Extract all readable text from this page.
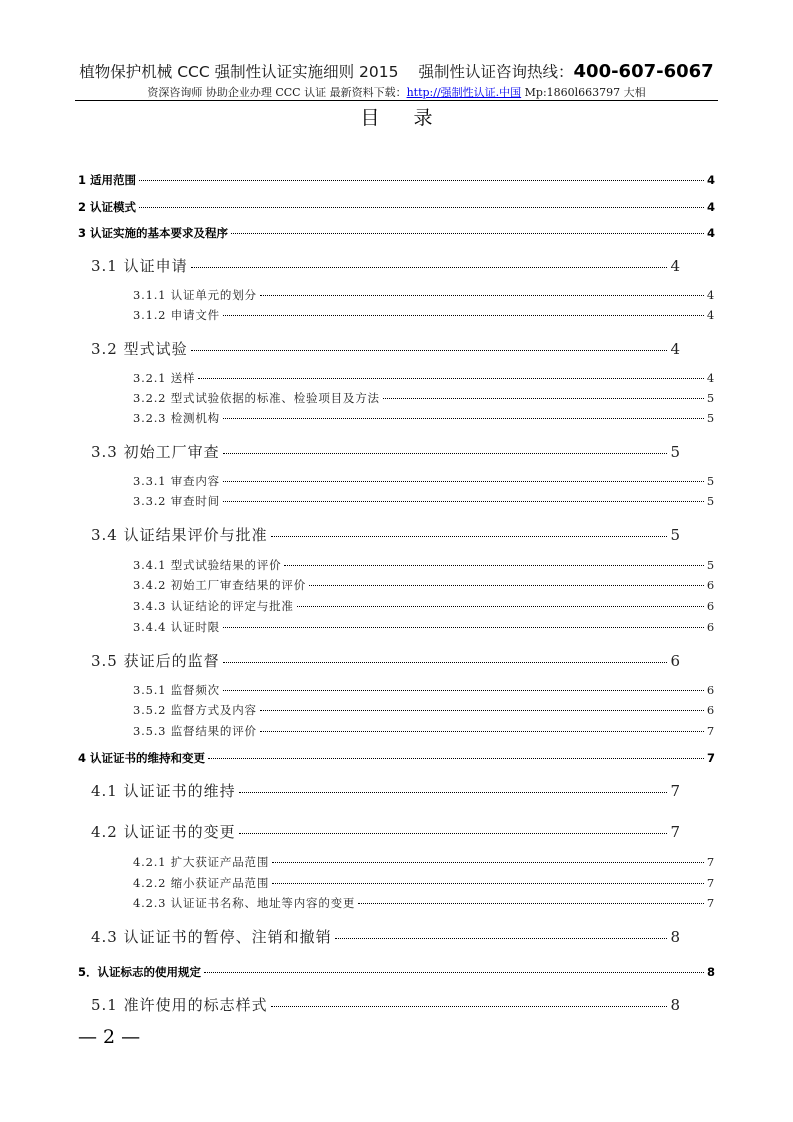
植物保护机械 CCC 强制性认证实施细则 2015 强制性认证咨询热线：400-607-6067
资深咨询师 协助企业办理 CCC 认证 最新资料下载：http://强制性认证.中国 Mp:1860l663797 大相
目录
1 适用范围	4
2 认证模式	4
3 认证实施的基本要求及程序	4
3.1 认证申请	4
3.1.1 认证单元的划分	4
3.1.2 申请文件	4
3.2 型式试验	4
3.2.1 送样	4
3.2.2 型式试验依据的标准、检验项目及方法	5
3.2.3 检测机构	5
3.3 初始工厂审查	5
3.3.1 审查内容	5
3.3.2 审查时间	5
3.4 认证结果评价与批准	5
3.4.1 型式试验结果的评价	5
3.4.2 初始工厂审查结果的评价	6
3.4.3 认证结论的评定与批准	6
3.4.4 认证时限	6
3.5 获证后的监督	6
3.5.1 监督频次	6
3.5.2 监督方式及内容	6
3.5.3 监督结果的评价	7
4 认证证书的维持和变更	7
4.1 认证证书的维持	7
4.2 认证证书的变更	7
4.2.1 扩大获证产品范围	7
4.2.2 缩小获证产品范围	7
4.2.3 认证证书名称、地址等内容的变更	7
4.3 认证证书的暂停、注销和撤销	8
5．认证标志的使用规定	8
5.1 准许使用的标志样式	8
— 2 —
